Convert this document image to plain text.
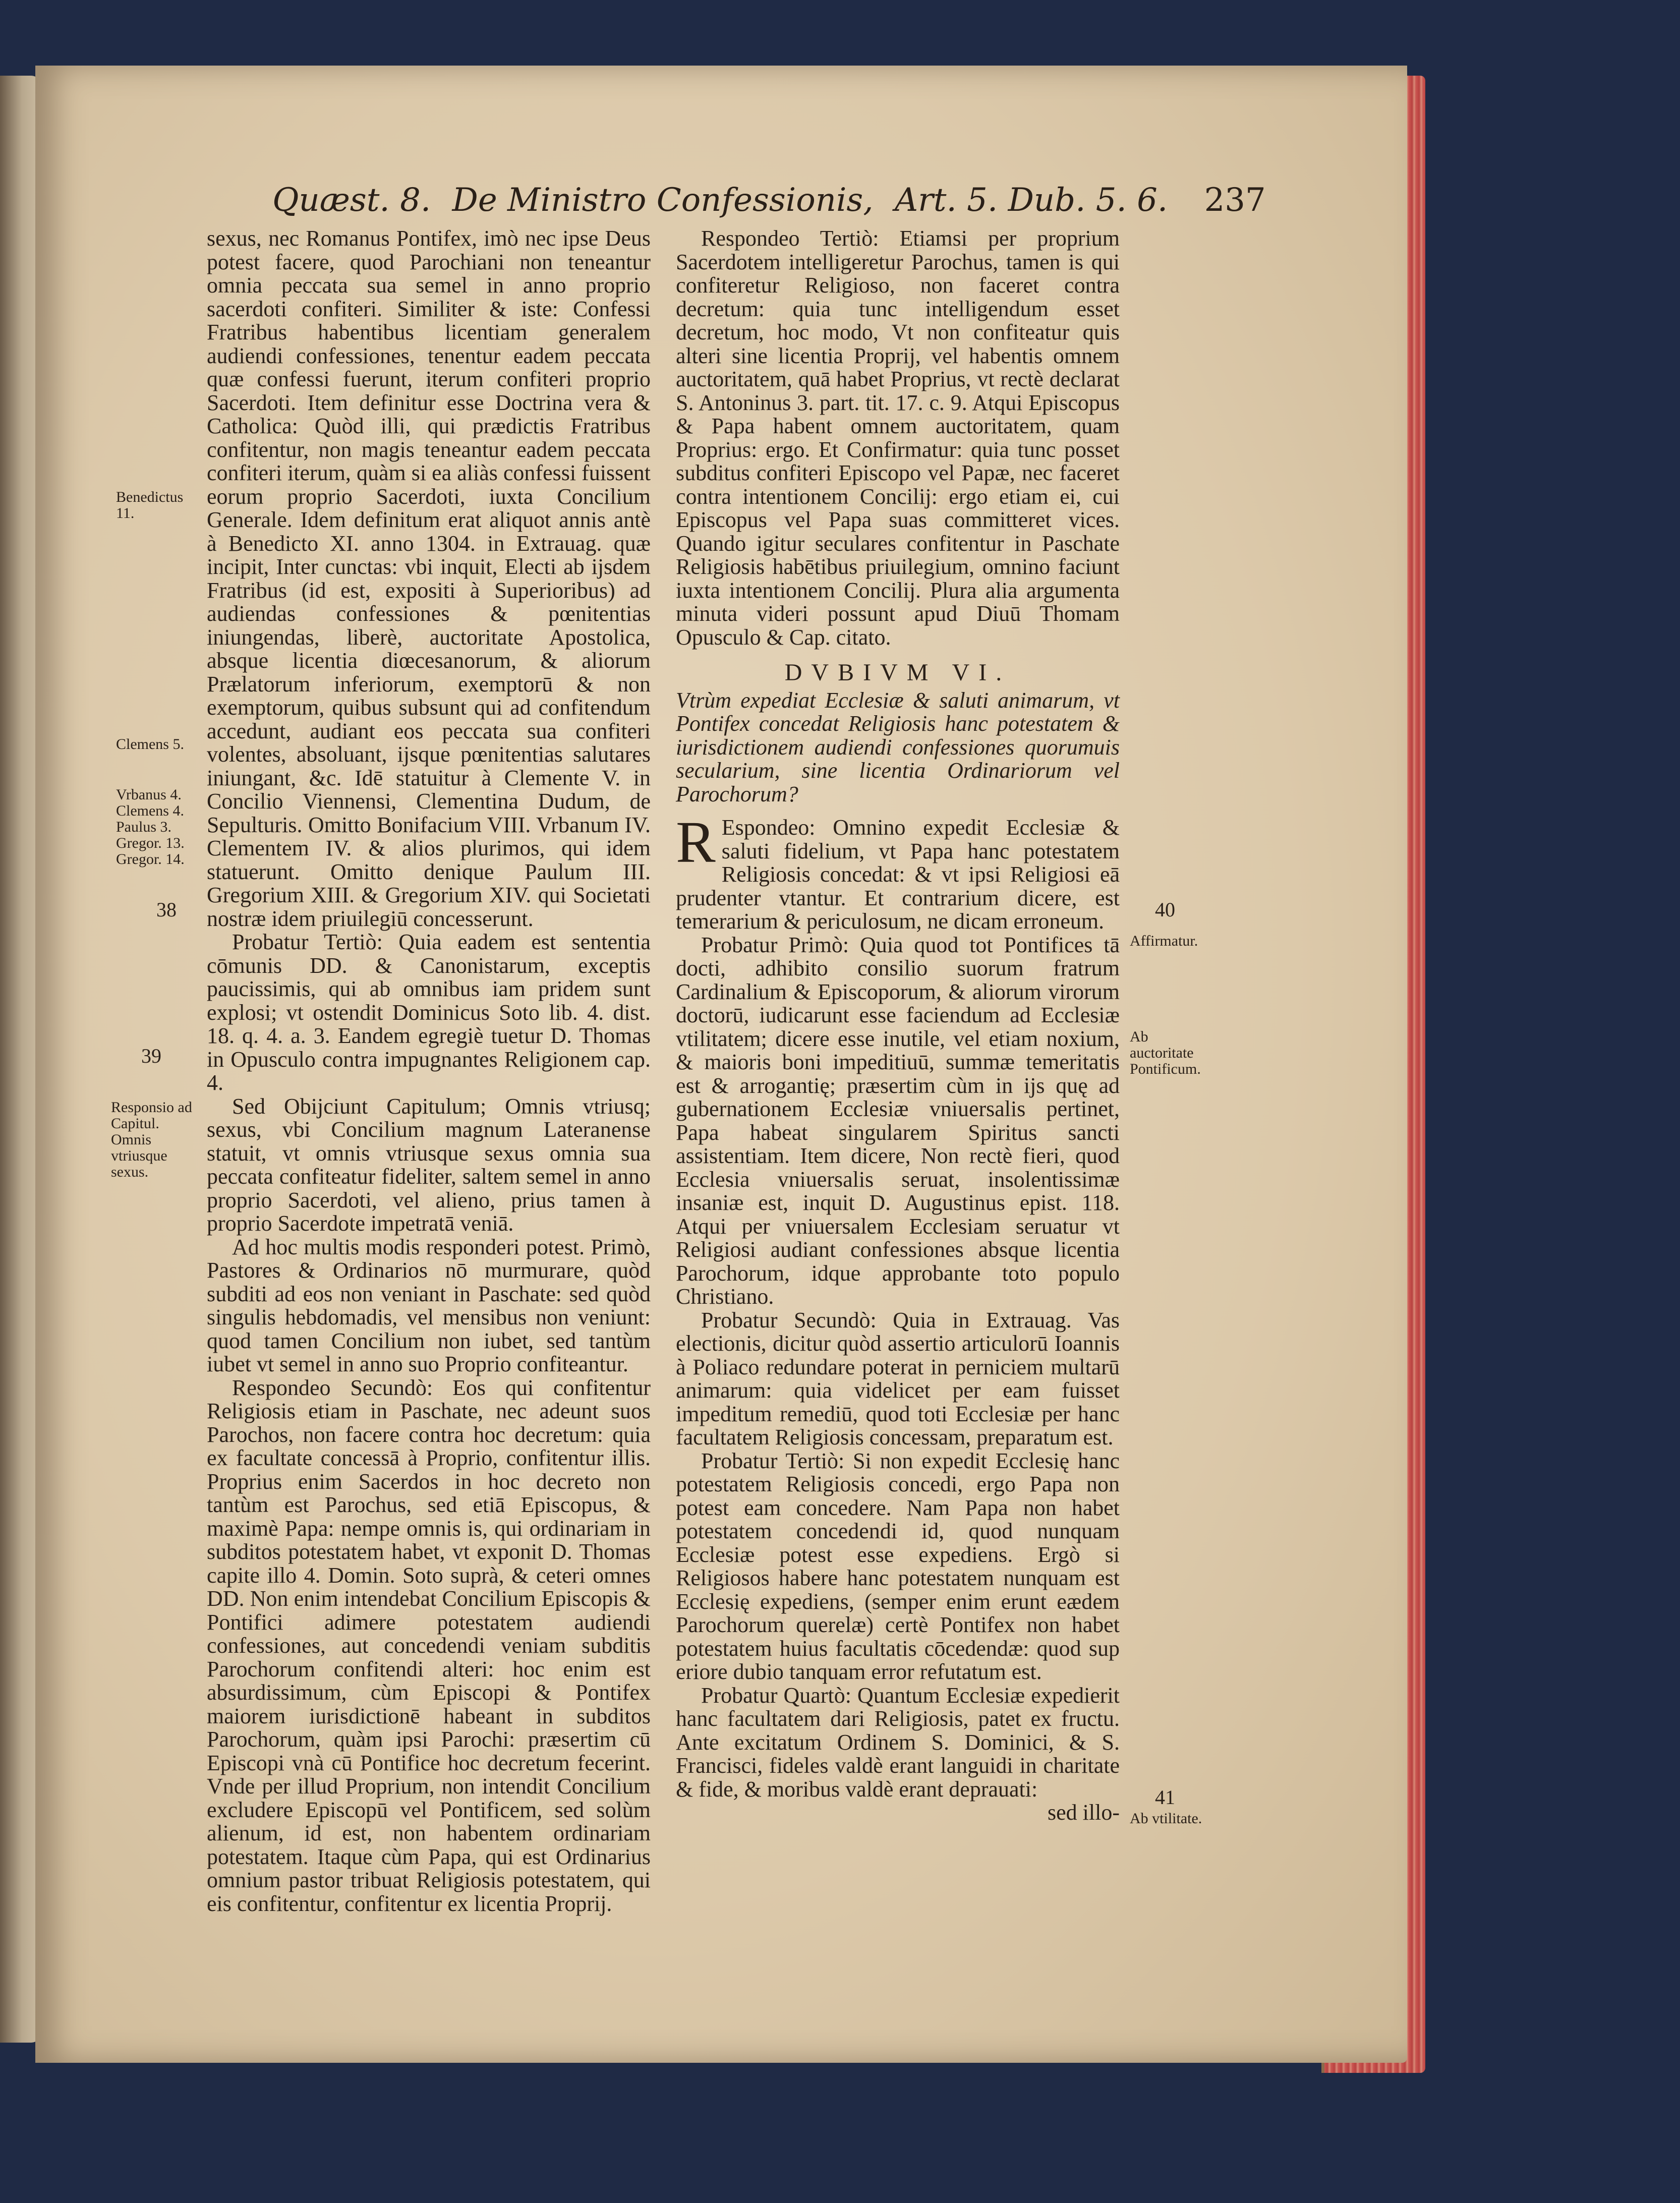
Quæst. 8. De Ministro Confessionis, Art. 5. Dub. 5. 6. 237

sexus, nec Romanus Pontifex, imò nec ipse Deus potest facere, quod Parochiani non teneantur omnia peccata sua semel in anno proprio sacerdoti confiteri. Similiter & iste: Confessi Fratribus habentibus licentiam generalem audiendi confessiones, tenentur eadem peccata quæ confessi fuerunt, iterum confiteri proprio Sacerdoti. Item definitur esse Doctrina vera & Catholica: Quòd illi, qui prædictis Fratribus confitentur, non magis teneantur eadem peccata confiteri iterum, quàm si ea aliàs confessi fuissent eorum proprio Sacerdoti, iuxta Concilium Generale. Idem definitum erat aliquot annis antè à Benedicto XI. anno 1304. in Extrauag. quæ incipit, Inter cunctas: vbi inquit, Electi ab ijsdem Fratribus (id est, expositi à Superioribus) ad audiendas confessiones & pœnitentias iniungendas, liberè, auctoritate Apostolica, absque licentia diœcesanorum, & aliorum Prælatorum inferiorum, exemptorū & non exemptorum, quibus subsunt qui ad confitendum accedunt, audiant eos peccata sua confiteri volentes, absoluant, ijsque pœnitentias salutares iniungant, &c. Idē statuitur à Clemente V. in Concilio Viennensi, Clementina Dudum, de Sepulturis. Omitto Bonifacium VIII. Vrbanum IV. Clementem IV. & alios plurimos, qui idem statuerunt. Omitto denique Paulum III. Gregorium XIII. & Gregorium XIV. qui Societati nostræ idem priuilegiū concesserunt.

Probatur Tertiò: Quia eadem est sententia cōmunis DD. & Canonistarum, exceptis paucissimis, qui ab omnibus iam pridem sunt explosi; vt ostendit Dominicus Soto lib. 4. dist. 18. q. 4. a. 3. Eandem egregiè tuetur D. Thomas in Opusculo contra impugnantes Religionem cap. 4.

Sed Obijciunt Capitulum; Omnis vtriusq; sexus, vbi Concilium magnum Lateranense statuit, vt omnis vtriusque sexus omnia sua peccata confiteatur fideliter, saltem semel in anno proprio Sacerdoti, vel alieno, prius tamen à proprio Sacerdote impetratā veniā.

Ad hoc multis modis responderi potest. Primò, Pastores & Ordinarios nō murmurare, quòd subditi ad eos non veniant in Paschate: sed quòd singulis hebdomadis, vel mensibus non veniunt: quod tamen Concilium non iubet, sed tantùm iubet vt semel in anno suo Proprio confiteantur.

Respondeo Secundò: Eos qui confitentur Religiosis etiam in Paschate, nec adeunt suos Parochos, non facere contra hoc decretum: quia ex facultate concessā à Proprio, confitentur illis. Proprius enim Sacerdos in hoc decreto non tantùm est Parochus, sed etiā Episcopus, & maximè Papa: nempe omnis is, qui ordinariam in subditos potestatem habet, vt exponit D. Thomas capite illo 4. Domin. Soto suprà, & ceteri omnes DD. Non enim intendebat Concilium Episcopis & Pontifici adimere potestatem audiendi confessiones, aut concedendi veniam subditis Parochorum confitendi alteri: hoc enim est absurdissimum, cùm Episcopi & Pontifex maiorem iurisdictionē habeant in subditos Parochorum, quàm ipsi Parochi: præsertim cū Episcopi vnà cū Pontifice hoc decretum fecerint. Vnde per illud Proprium, non intendit Concilium excludere Episcopū vel Pontificem, sed solùm alienum, id est, non habentem ordinariam potestatem. Itaque cùm Papa, qui est Ordinarius omnium pastor tribuat Religiosis potestatem, qui eis confitentur, confitentur ex licentia Proprij.

Respondeo Tertiò: Etiamsi per proprium Sacerdotem intelligeretur Parochus, tamen is qui confiteretur Religioso, non faceret contra decretum: quia tunc intelligendum esset decretum, hoc modo, Vt non confiteatur quis alteri sine licentia Proprij, vel habentis omnem auctoritatem, quā habet Proprius, vt rectè declarat S. Antoninus 3. part. tit. 17. c. 9. Atqui Episcopus & Papa habent omnem auctoritatem, quam Proprius: ergo. Et Confirmatur: quia tunc posset subditus confiteri Episcopo vel Papæ, nec faceret contra intentionem Concilij: ergo etiam ei, cui Episcopus vel Papa suas committeret vices. Quando igitur seculares confitentur in Paschate Religiosis habētibus priuilegium, omnino faciunt iuxta intentionem Concilij. Plura alia argumenta minuta videri possunt apud Diuū Thomam Opusculo & Cap. citato.

DVBIVM VI.

Vtrùm expediat Ecclesiæ & saluti animarum, vt Pontifex concedat Religiosis hanc potestatem & iurisdictionem audiendi confessiones quorumuis secularium, sine licentia Ordinariorum vel Parochorum?

R Espondeo: Omnino expedit Ecclesiæ & saluti fidelium, vt Papa hanc potestatem Religiosis concedat: & vt ipsi Religiosi eā prudenter vtantur. Et contrarium dicere, est temerarium & periculosum, ne dicam erroneum.

Probatur Primò: Quia quod tot Pontifices tā docti, adhibito consilio suorum fratrum Cardinalium & Episcoporum, & aliorum virorum doctorū, iudicarunt esse faciendum ad Ecclesiæ vtilitatem; dicere esse inutile, vel etiam noxium, & maioris boni impeditiuū, summæ temeritatis est & arrogantię; præsertim cùm in ijs quę ad gubernationem Ecclesiæ vniuersalis pertinet, Papa habeat singularem Spiritus sancti assistentiam. Item dicere, Non rectè fieri, quod Ecclesia vniuersalis seruat, insolentissimæ insaniæ est, inquit D. Augustinus epist. 118. Atqui per vniuersalem Ecclesiam seruatur vt Religiosi audiant confessiones absque licentia Parochorum, idque approbante toto populo Christiano.

Probatur Secundò: Quia in Extrauag. Vas electionis, dicitur quòd assertio articulorū Ioannis à Poliaco redundare poterat in perniciem multarū animarum: quia videlicet per eam fuisset impeditum remediū, quod toti Ecclesiæ per hanc facultatem Religiosis concessam, preparatum est.

Probatur Tertiò: Si non expedit Ecclesię hanc potestatem Religiosis concedi, ergo Papa non potest eam concedere. Nam Papa non habet potestatem concedendi id, quod nunquam Ecclesiæ potest esse expediens. Ergò si Religiosos habere hanc potestatem nunquam est Ecclesię expediens, (semper enim erunt eædem Parochorum querelæ) certè Pontifex non habet potestatem huius facultatis cōcedendæ: quod sup eriore dubio tanquam error refutatum est.

Probatur Quartò: Quantum Ecclesiæ expedierit hanc facultatem dari Religiosis, patet ex fructu. Ante excitatum Ordinem S. Dominici, & S. Francisci, fideles valdè erant languidi in charitate & fide, & moribus valdè erant deprauati:

sed illo-

Benedictus 11.
Clemens 5.
Vrbanus 4. Clemens 4. Paulus 3. Gregor. 13. Gregor. 14.
38
39
Responsio ad Capitul. Omnis vtriusque sexus.
40
Affirmatur.
Ab auctoritate Pontificum.
41
Ab vtilitate.
